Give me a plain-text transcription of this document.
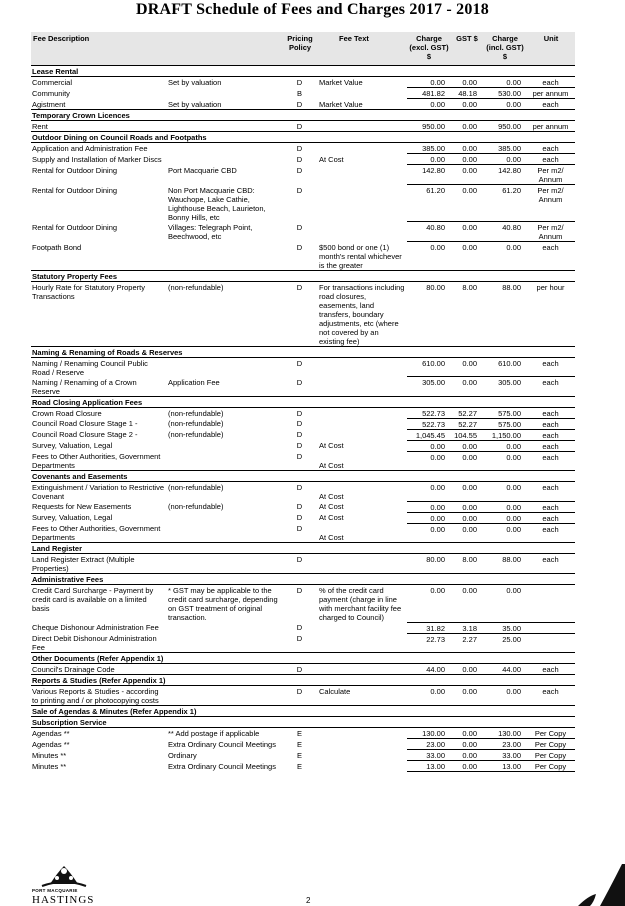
DRAFT Schedule of Fees and Charges 2017 - 2018
Fee Description		Pricing Policy	Fee Text	Charge (excl. GST) $	GST $	Charge (incl. GST) $	Unit
Lease Rental							
Commercial	Set by valuation	D	Market Value	0.00	0.00	0.00	each
Community		B		481.82	48.18	530.00	per annum
Agistment	Set by valuation	D	Market Value	0.00	0.00	0.00	each
Temporary Crown Licences							
Rent		D		950.00	0.00	950.00	per annum
Outdoor Dining on Council Roads and Footpaths							
Application and Administration Fee		D		385.00	0.00	385.00	each
Supply and Installation of Marker Discs		D	At Cost	0.00	0.00	0.00	each
Rental for Outdoor Dining	Port Macquarie CBD	D		142.80	0.00	142.80	Per m2/ Annum
Rental for Outdoor Dining	Non Port Macquarie CBD: Wauchope, Lake Cathie, Lighthouse Beach, Laurieton, Bonny Hills, etc	D		61.20	0.00	61.20	Per m2/ Annum
Rental for Outdoor Dining	Villages: Telegraph Point, Beechwood, etc	D		40.80	0.00	40.80	Per m2/ Annum
Footpath Bond		D	$500 bond or one (1) month's rental whichever is the greater	0.00	0.00	0.00	each
Statutory Property Fees							
Hourly Rate for Statutory Property Transactions	(non-refundable)	D	For transactions including road closures, easements, land transfers, boundary adjustments, etc (where not covered by an existing fee)	80.00	8.00	88.00	per hour
Naming & Renaming of Roads & Reserves							
Naming / Renaming Council Public Road / Reserve		D		610.00	0.00	610.00	each
Naming / Renaming of a Crown Reserve	Application Fee	D		305.00	0.00	305.00	each
Road Closing Application Fees							
Crown Road Closure	(non-refundable)	D		522.73	52.27	575.00	each
Council Road Closure Stage 1 -	(non-refundable)	D		522.73	52.27	575.00	each
Council Road Closure Stage 2 -	(non-refundable)	D		1,045.45	104.55	1,150.00	each
Survey, Valuation, Legal		D	At Cost	0.00	0.00	0.00	each
Fees to Other Authorities, Government Departments		D	At Cost	0.00	0.00	0.00	each
Covenants and Easements							
Extinguishment / Variation to Restrictive Covenant	(non-refundable)	D	At Cost	0.00	0.00	0.00	each
Requests for New Easements	(non-refundable)	D	At Cost	0.00	0.00	0.00	each
Survey, Valuation, Legal		D	At Cost	0.00	0.00	0.00	each
Fees to Other Authorities, Government Departments		D	At Cost	0.00	0.00	0.00	each
Land Register							
Land Register Extract (Multiple Properties)		D		80.00	8.00	88.00	each
Administrative Fees							
Credit Card Surcharge - Payment by credit card is available on a limited basis	* GST may be applicable to the credit card surcharge, depending on GST treatment of original transaction.	D	% of the credit card payment (charge in line with merchant facility fee charged to Council)	0.00	0.00	0.00	
Cheque Dishonour Administration Fee		D		31.82	3.18	35.00	
Direct Debit Dishonour Administration Fee		D		22.73	2.27	25.00	
Other Documents (Refer Appendix 1)							
Council's Drainage Code		D		44.00	0.00	44.00	each
Reports & Studies (Refer Appendix 1)							
Various Reports & Studies - according to printing and / or photocopying costs		D	Calculate	0.00	0.00	0.00	each
Sale of Agendas & Minutes (Refer Appendix 1)							
Subscription Service							
Agendas **	** Add postage if applicable	E		130.00	0.00	130.00	Per Copy
Agendas **	Extra Ordinary Council Meetings	E		23.00	0.00	23.00	Per Copy
Minutes **	Ordinary	E		33.00	0.00	33.00	Per Copy
Minutes **	Extra Ordinary Council Meetings	E		13.00	0.00	13.00	Per Copy
PORT MACQUARIE
HASTINGS	2
